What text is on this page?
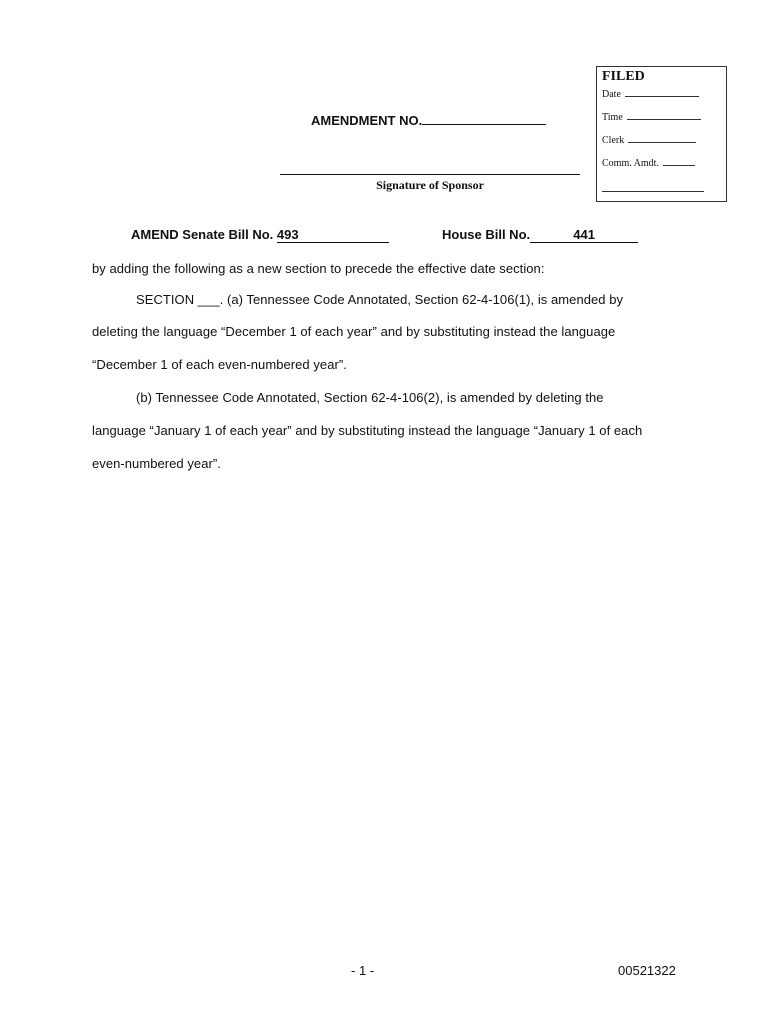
FILED
Date
Time
Clerk
Comm. Amdt.
AMENDMENT NO.
Signature of Sponsor
AMEND Senate Bill No. 493	House Bill No.	441
by adding the following as a new section to precede the effective date section:
SECTION ___. (a) Tennessee Code Annotated, Section 62-4-106(1), is amended by
deleting the language “December 1 of each year” and by substituting instead the language
“December 1 of each even-numbered year”.
(b) Tennessee Code Annotated, Section 62-4-106(2), is amended by deleting the
language “January 1 of each year” and by substituting instead the language “January 1 of each
even-numbered year”.
- 1 -	00521322
